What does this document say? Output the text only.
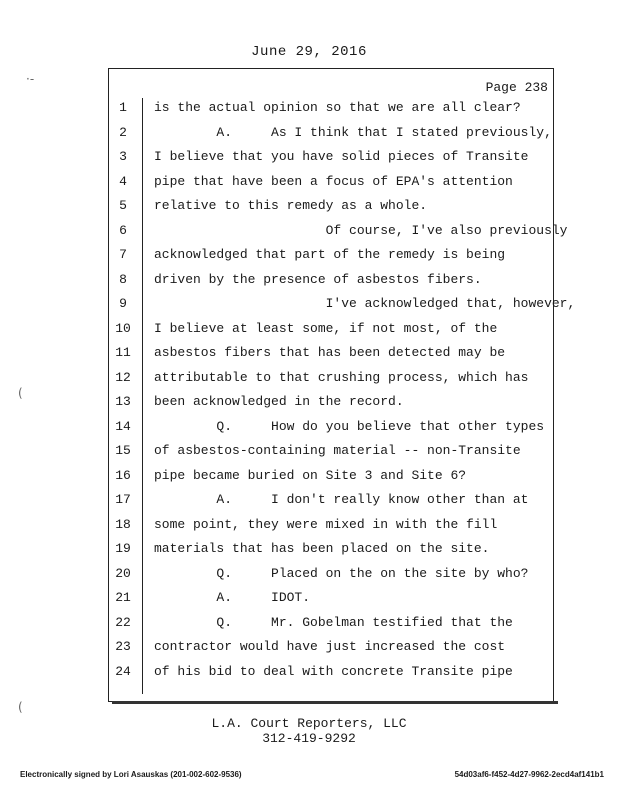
June 29, 2016
Page 238
1	is the actual opinion so that we are all clear?
2	A.     As I think that I stated previously,
3	I believe that you have solid pieces of Transite
4	pipe that have been a focus of EPA's attention
5	relative to this remedy as a whole.
6	Of course, I've also previously
7	acknowledged that part of the remedy is being
8	driven by the presence of asbestos fibers.
9	I've acknowledged that, however,
10 I believe at least some, if not most, of the
11 asbestos fibers that has been detected may be
12 attributable to that crushing process, which has
13 been acknowledged in the record.
14 Q.     How do you believe that other types
15 of asbestos-containing material -- non-Transite
16 pipe became buried on Site 3 and Site 6?
17 A.     I don't really know other than at
18 some point, they were mixed in with the fill
19 materials that has been placed on the site.
20 Q.     Placed on the on the site by who?
21 A.     IDOT.
22 Q.     Mr. Gobelman testified that the
23 contractor would have just increased the cost
24 of his bid to deal with concrete Transite pipe
L.A. Court Reporters, LLC
312-419-9292
Electronically signed by Lori Asauskas (201-002-602-9536)	54d03af6-f452-4d27-9962-2ecd4af141b1
·-
(
(
